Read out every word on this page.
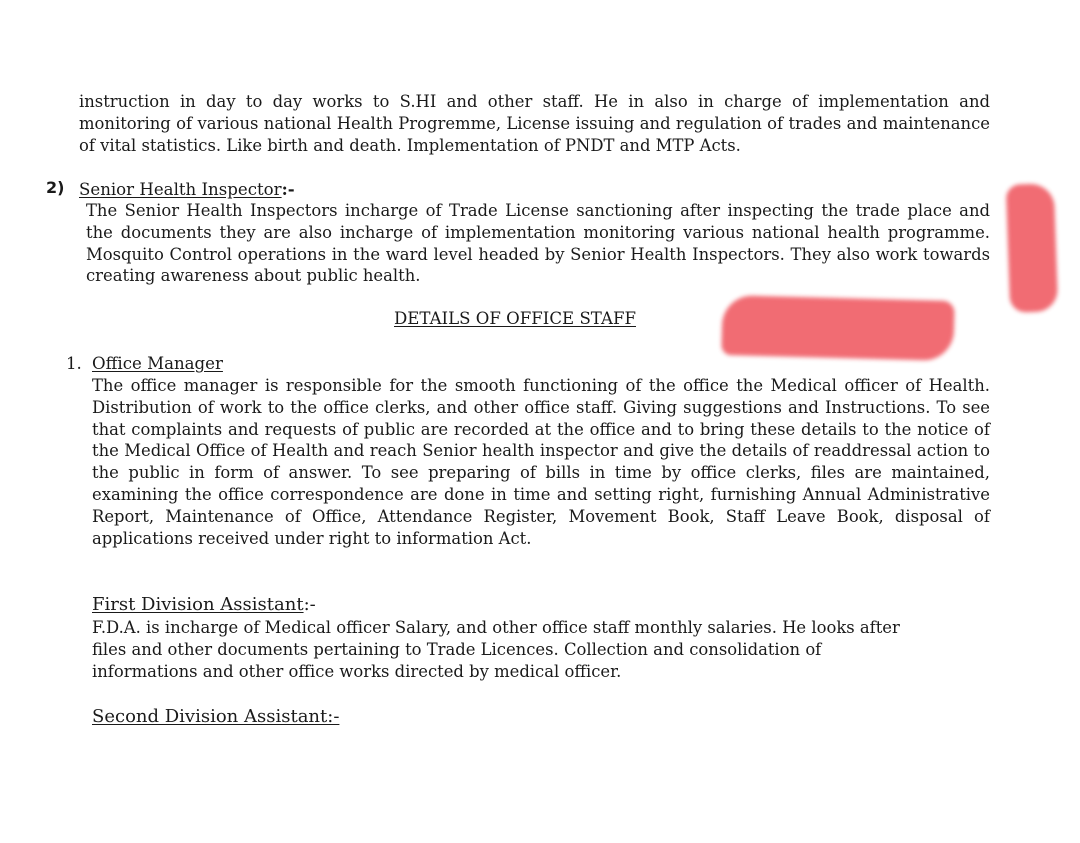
instruction in day to day works to S.HI and other staff. He in also in charge of implementation and monitoring of various national Health Progremme, License issuing and regulation of trades and maintenance of vital statistics. Like birth and death. Implementation of PNDT and MTP Acts.

2) Senior Health Inspector:-

The Senior Health Inspectors incharge of Trade License sanctioning after inspecting the trade place and the documents they are also incharge of implementation monitoring various national health programme. Mosquito Control operations in the ward level headed by Senior Health Inspectors. They also work towards creating awareness about public health.

DETAILS OF OFFICE STAFF
1. Office Manager

The office manager is responsible for the smooth functioning of the office the Medical officer of Health. Distribution of work to the office clerks, and other office staff. Giving suggestions and Instructions. To see that complaints and requests of public are recorded at the office and to bring these details to the notice of the Medical Office of Health and reach Senior health inspector and give the details of readdressal action to the public in form of answer. To see preparing of bills in time by office clerks, files are maintained, examining the office correspondence are done in time and setting right, furnishing Annual Administrative Report, Maintenance of Office, Attendance Register, Movement Book, Staff Leave Book, disposal of applications received under right to information Act.

First Division Assistant:-
F.D.A. is incharge of Medical officer Salary, and other office staff monthly salaries. He looks after
files and other documents pertaining to Trade Licences. Collection and consolidation of
informations and other office works directed by medical officer.
Second Division Assistant:-
